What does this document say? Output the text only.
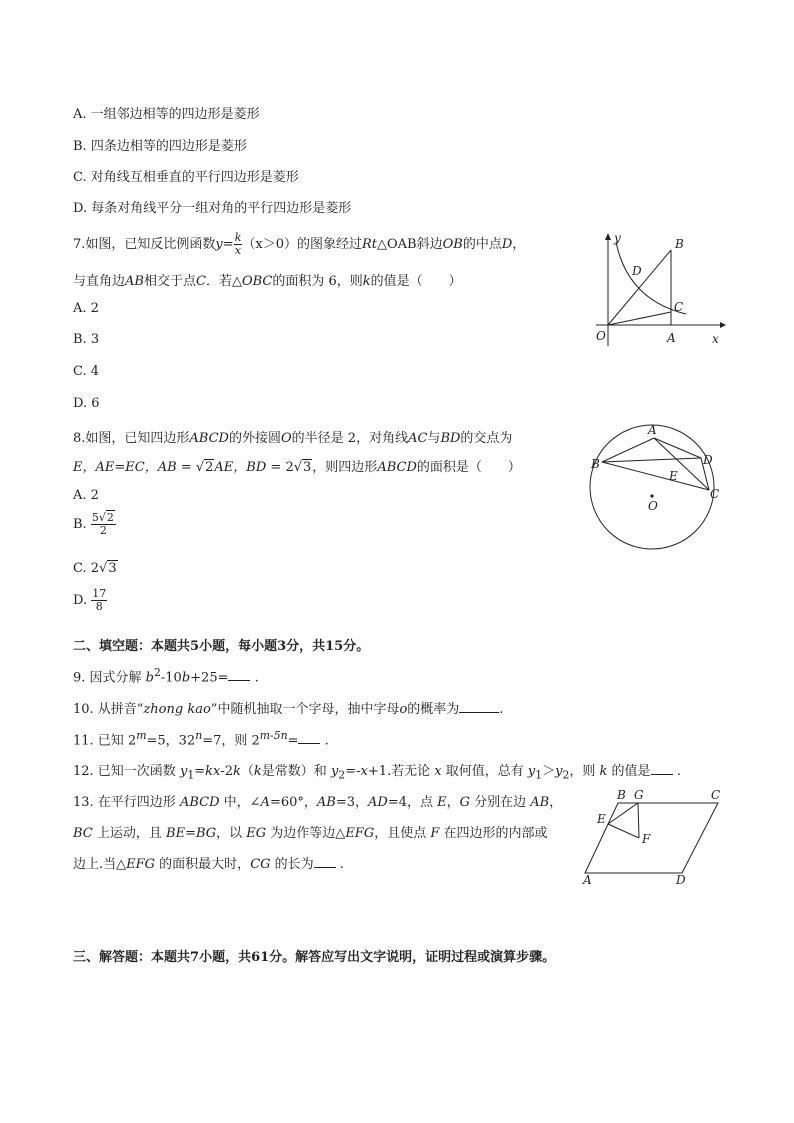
A. 一组邻边相等的四边形是菱形
B. 四条边相等的四边形是菱形
C. 对角线互相垂直的平行四边形是菱形
D. 每条对角线平分一组对角的平行四边形是菱形
7.如图，已知反比例函数$y= \frac{k}{x} (x>0)$的图象经过Rt△OAB斜边OB的中点D，
与直角边AB相交于点C．若△OBC的面积为 6，则k的值是（　　）
A. 2
B. 3
C. 4
D. 6
y
x
O	A
B
C
D
8.如图，已知四边形ABCD的外接圆O的半径是 2，对角线AC与BD的交点为
E，AE=EC，AB = √2AE，BD = 2√3，则四边形ABCD的面积是（　　）
A. 2
B. $\frac{5√2}{2}$
C. 2√3
D. $\frac{17}{8}$
A
B	D
E
C
O
二、填空题：本题共5小题，每小题3分，共15分。
9. 因式分解 $b^2-10b+25=$ .
10. 从拼音“zhong kao”中随机抽取一个字母，抽中字母o的概率为	.
11. 已知 $2^m=5$，$32^n=7$，则 $2^{m-5n}=$ .
12. 已知一次函数 $y_1=kx-2k(k$是常数）和 $y_2=-x+1$.若无论 x 取何值，总有 $y_1>y_2$，则 k 的值是 .
13. 在平行四边形 ABCD 中，∠A=60°，AB=3，AD=4，点 E，G 分别在边 AB，
BC 上运动，且 BE=BG，以 EG 为边作等边△EFG，且使点 F 在四边形的内部或
边上.当△EFG 的面积最大时，CG 的长为 .
B G	C
E
F
A	D
三、解答题：本题共7小题，共61分。解答应写出文字说明，证明过程或演算步骤。
